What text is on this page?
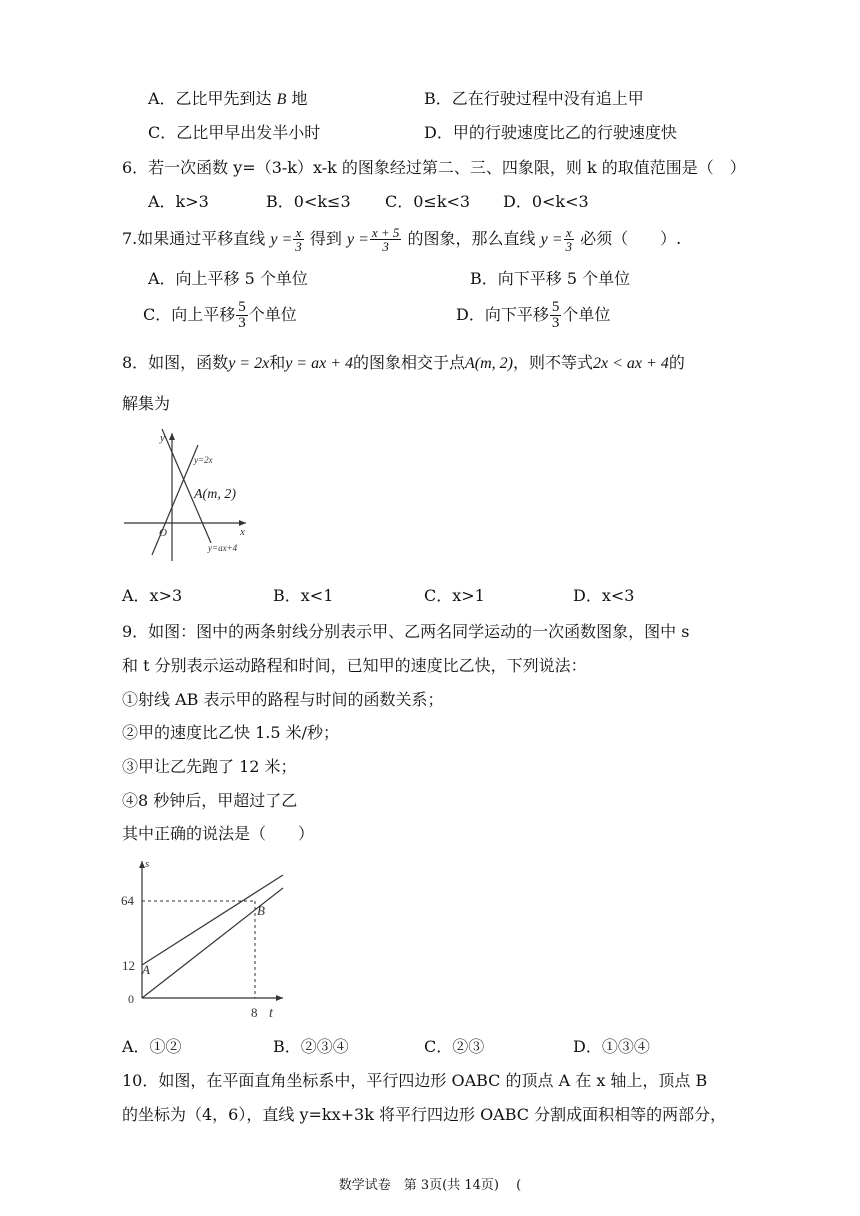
A．乙比甲先到达 B 地	B．乙在行驶过程中没有追上甲
C．乙比甲早出发半小时	D．甲的行驶速度比乙的行驶速度快
6．若一次函数 y=（3-k）x-k 的图象经过第二、三、四象限，则 k 的取值范围是（　）
A．k>3	B．0<k≤3 C．0≤k<3 D．0<k<3
7.如果通过平移直线 $y = \frac{x}{3}$ 得到 $y = \frac{x + 5}{3}$ 的图象，那么直线 $y = \frac{x}{3}$ 必须（　　）.
A．向上平移 5 个单位	B．向下平移 5 个单位
C．向上平移 $\frac{5}{3}$ 个单位	D．向下平移 $\frac{5}{3}$ 个单位
8．如图，函数y = 2x和y = ax + 4的图象相交于点A(m, 2)，则不等式2x < ax + 4的
解集为
y
x
O
y=2x
y=ax+4
A(m, 2)
A．x>3	B．x<1	C．x>1	D．x<3
9．如图：图中的两条射线分别表示甲、乙两名同学运动的一次函数图象，图中 s
和 t 分别表示运动路程和时间，已知甲的速度比乙快，下列说法：
①射线 AB 表示甲的路程与时间的函数关系；
②甲的速度比乙快 1.5 米/秒；
③甲让乙先跑了 12 米；
④8 秒钟后，甲超过了乙
其中正确的说法是（　　）
s
t
0
64
12
8
A
B
A．①②	B．②③④	C．②③	D．①③④
10．如图，在平面直角坐标系中，平行四边形 OABC 的顶点 A 在 x 轴上，顶点 B
的坐标为（4，6），直线 y=kx+3k 将平行四边形 OABC 分割成面积相等的两部分，
数学试卷　第 3页(共 14页)　 (
